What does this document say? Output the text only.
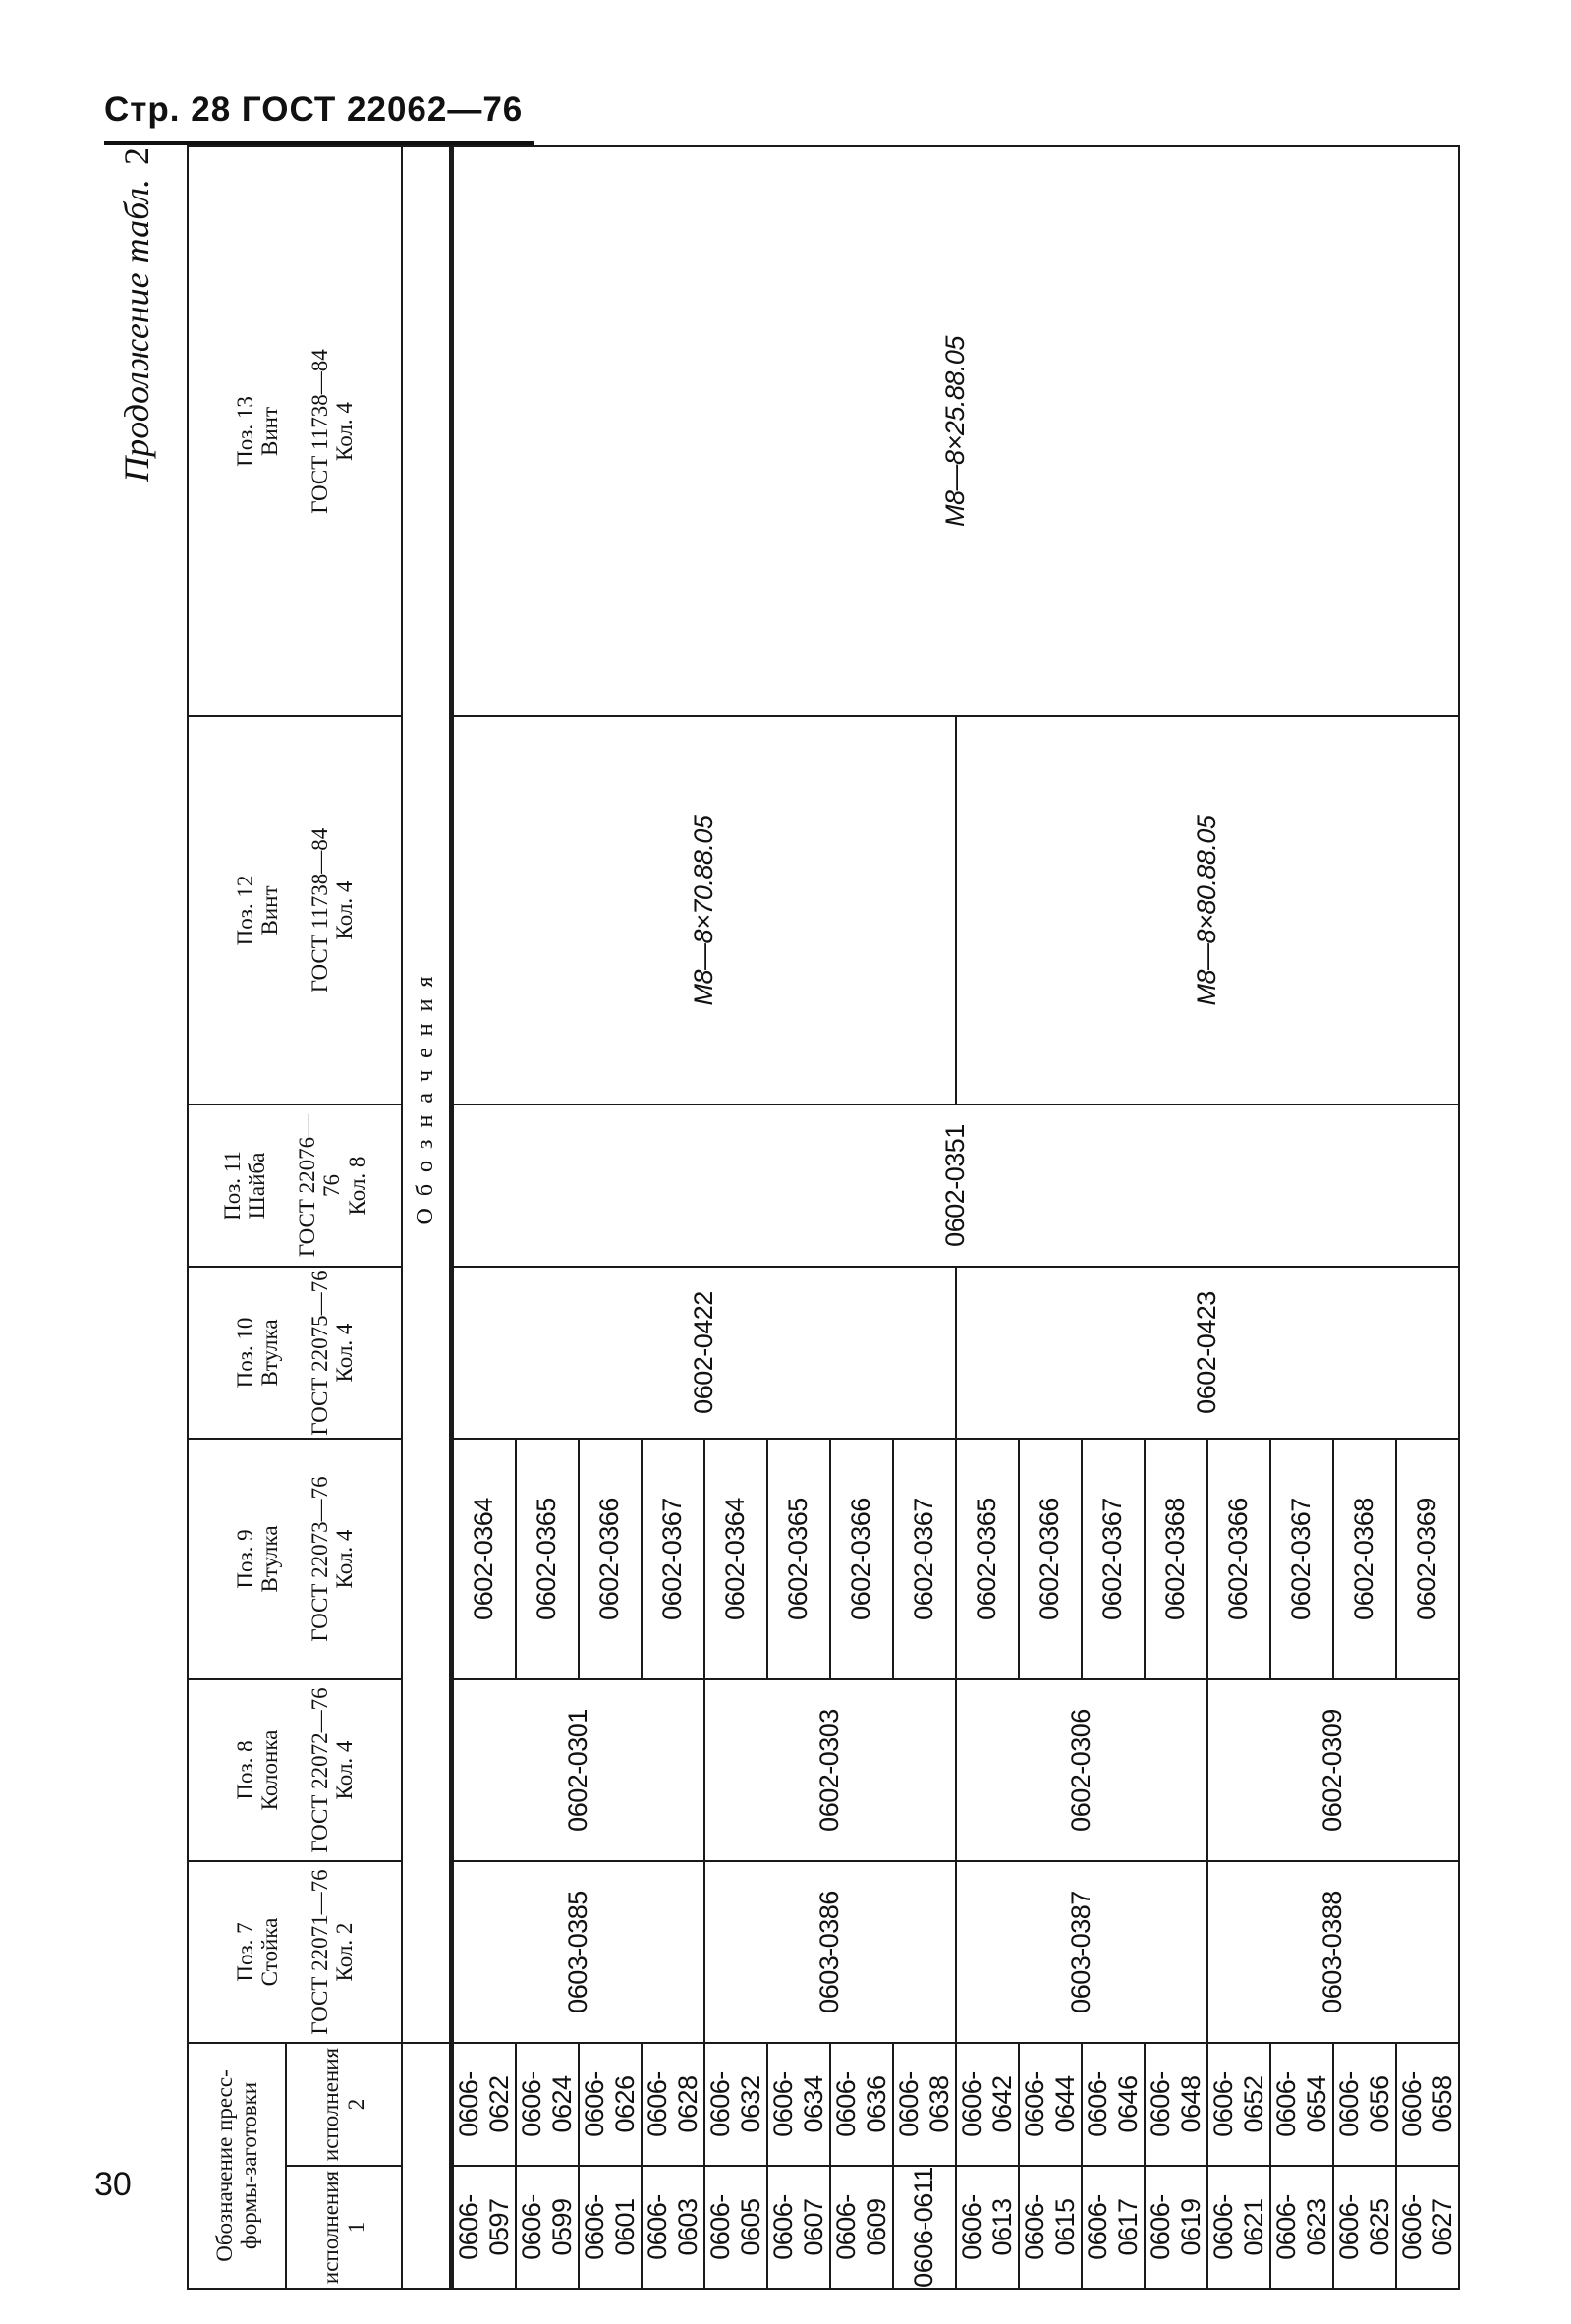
Стр. 28 ГОСТ 22062—76
30
Продолжение табл.2
Обозначение пресс-формы-заготовки		Поз. 7
Стойка ГОСТ 22071—76
Кол. 2	Поз. 8
Колонка ГОСТ 22072—76
Кол. 4	Поз. 9
Втулка ГОСТ 22073—76
Кол. 4	Поз. 10
Втулка ГОСТ 22075—76
Кол. 4	Поз. 11
Шайба ГОСТ 22076—76
Кол. 8	Поз. 12
Винт ГОСТ 11738—84
Кол. 4	Поз. 13
Винт ГОСТ 11738—84
Кол. 4
исполнения 1	исполнения 2							
		Обозначения						
0606-0597	0606-0622	0603-0385	0602-0301	0602-0364	0602-0422	0602-0351	M8—8×70.88.05	M8—8×25.88.05
0606-0599	0606-0624			0602-0365				
0606-0601	0606-0626			0602-0366				
0606-0603	0606-0628			0602-0367				
0606-0605	0606-0632	0603-0386	0602-0303	0602-0364				
0606-0607	0606-0634			0602-0365				
0606-0609	0606-0636			0602-0366				
0606-0611	0606-0638			0602-0367				
0606-0613	0606-0642	0603-0387	0602-0306	0602-0365	0602-0423		M8—8×80.88.05	
0606-0615	0606-0644			0602-0366				
0606-0617	0606-0646			0602-0367				
0606-0619	0606-0648			0602-0368				
0606-0621	0606-0652	0603-0388	0602-0309	0602-0366				
0606-0623	0606-0654			0602-0367				
0606-0625	0606-0656			0602-0368				
0606-0627	0606-0658			0602-0369				
